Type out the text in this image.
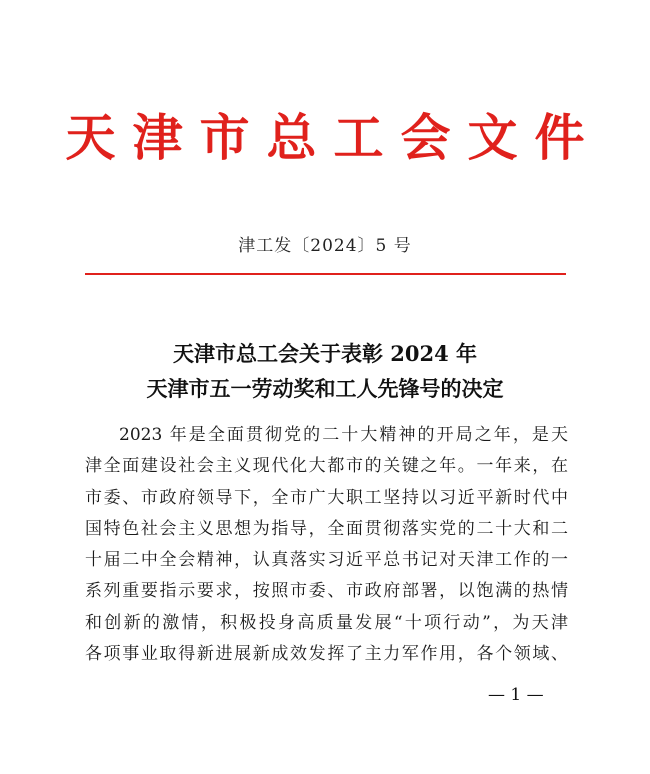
天津市总工会文件
津工发〔2024〕5 号
天津市总工会关于表彰 2024 年
天津市五一劳动奖和工人先锋号的决定
2023 年是全面贯彻党的二十大精神的开局之年，是天
津全面建设社会主义现代化大都市的关键之年。一年来，在
市委、市政府领导下，全市广大职工坚持以习近平新时代中
国特色社会主义思想为指导，全面贯彻落实党的二十大和二
十届二中全会精神，认真落实习近平总书记对天津工作的一
系列重要指示要求，按照市委、市政府部署，以饱满的热情
和创新的激情，积极投身高质量发展“十项行动”，为天津
各项事业取得新进展新成效发挥了主力军作用，各个领域、
— 1 —
